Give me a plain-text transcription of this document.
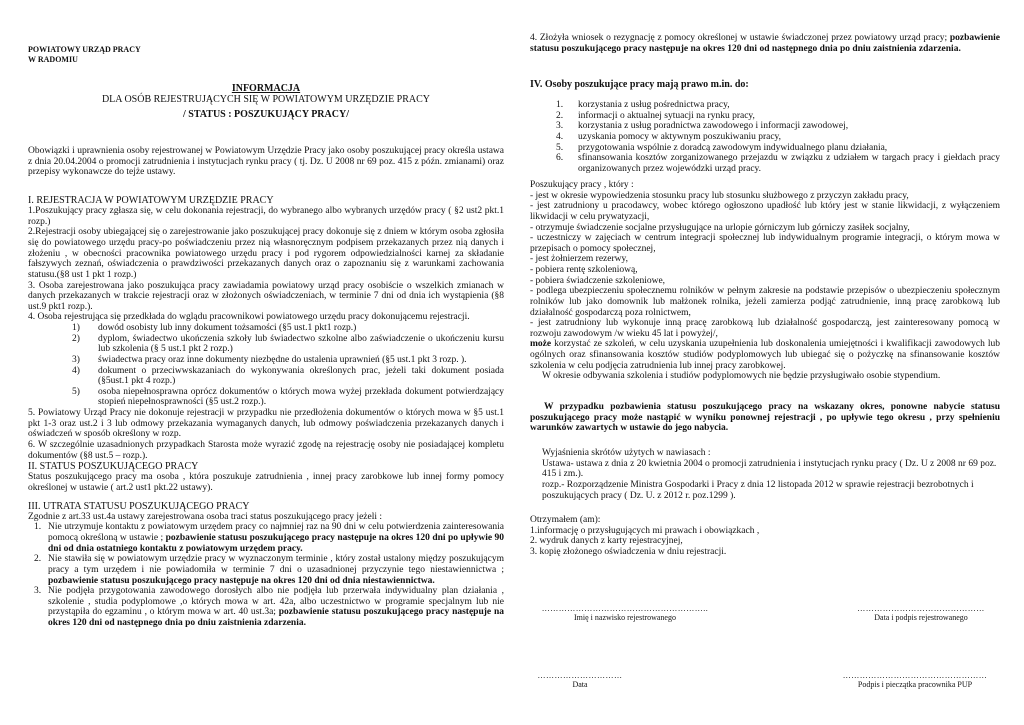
POWIATOWY URZĄD PRACY
W RADOMIU
INFORMACJA
DLA OSÓB REJESTRUJĄCYCH SIĘ W POWIATOWYM URZĘDZIE PRACY
/ STATUS : POSZUKUJĄCY PRACY/

Obowiązki i uprawnienia osoby rejestrowanej w Powiatowym Urzędzie Pracy jako osoby poszukującej pracy określa ustawa z dnia 20.04.2004 o promocji zatrudnienia i instytucjach rynku pracy ( tj. Dz. U 2008 nr 69 poz. 415 z późn. zmianami) oraz przepisy wykonawcze do tejże ustawy.

I. REJESTRACJA W POWIATOWYM URZĘDZIE PRACY

1.Poszukujący pracy zgłasza się, w celu dokonania rejestracji, do wybranego albo wybranych urzędów pracy ( §2 ust2 pkt.1 rozp.)

2.Rejestracji osoby ubiegającej się o zarejestrowanie jako poszukującej pracy dokonuje się z dniem w którym osoba zgłosiła się do powiatowego urzędu pracy-po poświadczeniu przez nią własnoręcznym podpisem przekazanych przez nią danych i złożeniu , w obecności pracownika powiatowego urzędu pracy i pod rygorem odpowiedzialności karnej za składanie fałszywych zeznań, oświadczenia o prawdziwości przekazanych danych oraz o zapoznaniu się z warunkami zachowania statusu.(§8 ust 1 pkt 1 rozp.)

3. Osoba zarejestrowana jako poszukująca pracy zawiadamia powiatowy urząd pracy osobiście o wszelkich zmianach w danych przekazanych w trakcie rejestracji oraz w złożonych oświadczeniach, w terminie 7 dni od dnia ich wystąpienia (§8 ust.9 pkt1 rozp.).

4. Osoba rejestrująca się przedkłada do wglądu pracownikowi powiatowego urzędu pracy dokonującemu rejestracji.

1)	dowód osobisty lub inny dokument tożsamości (§5 ust.1 pkt1 rozp.)
2)	dyplom, świadectwo ukończenia szkoły lub świadectwo szkolne albo zaświadczenie o ukończeniu kursu lub szkolenia (§ 5 ust.1 pkt 2 rozp.)
3)	świadectwa pracy oraz inne dokumenty niezbędne do ustalenia uprawnień (§5 ust.1 pkt 3 rozp. ).
4)	dokument o przeciwwskazaniach do wykonywania określonych prac, jeżeli taki dokument posiada (§5ust.1 pkt 4 rozp.)
5)	osoba niepełnosprawna oprócz dokumentów o których mowa wyżej przekłada dokument potwierdzający stopień niepełnosprawności (§5 ust.2 rozp.).

5. Powiatowy Urząd Pracy nie dokonuje rejestracji w przypadku nie przedłożenia dokumentów o których mowa w §5 ust.1 pkt 1-3 oraz ust.2 i 3 lub odmowy przekazania wymaganych danych, lub odmowy poświadczenia przekazanych danych i oświadczeń w sposób określony w rozp.

6. W szczególnie uzasadnionych przypadkach Starosta może wyrazić zgodę na rejestrację osoby nie posiadającej kompletu dokumentów (§8 ust.5 – rozp.).

II. STATUS POSZUKUJĄCEGO PRACY

Status poszukującego pracy ma osoba , która poszukuje zatrudnienia , innej pracy zarobkowe lub innej formy pomocy określonej w ustawie ( art.2 ust1 pkt.22 ustawy).

III. UTRATA STATUSU POSZUKUJĄCEGO PRACY

Zgodnie z art.33 ust.4a ustawy zarejestrowana osoba traci status poszukującego pracy jeżeli :

1. Nie utrzymuje kontaktu z powiatowym urzędem pracy co najmniej raz na 90 dni w celu potwierdzenia zainteresowania pomocą określoną w ustawie ; pozbawienie statusu poszukującego pracy następuje na okres 120 dni po upływie 90 dni od dnia ostatniego kontaktu z powiatowym urzędem pracy.
2. Nie stawiła się w powiatowym urzędzie pracy w wyznaczonym terminie , który został ustalony między poszukującym pracy a tym urzędem i nie powiadomiła w terminie 7 dni o uzasadnionej przyczynie tego niestawiennictwa ; pozbawienie statusu poszukującego pracy następuje na okres 120 dni od dnia niestawiennictwa.
3. Nie podjęła przygotowania zawodowego dorosłych albo nie podjęła lub przerwała indywidualny plan działania , szkolenie , studia podyplomowe ,o których mowa w art. 42a, albo uczestnictwo w programie specjalnym lub nie przystąpiła do egzaminu , o którym mowa w art. 40 ust.3a; pozbawienie statusu poszukującego pracy następuje na okres 120 dni od następnego dnia po dniu zaistnienia zdarzenia.

4. Złożyła wniosek o rezygnację z pomocy określonej w ustawie świadczonej przez powiatowy urząd pracy; pozbawienie statusu poszukującego pracy następuje na okres 120 dni od następnego dnia po dniu zaistnienia zdarzenia.

IV. Osoby poszukujące pracy mają prawo m.in. do:

1.	korzystania z usług pośrednictwa pracy,
2.	informacji o aktualnej sytuacji na rynku pracy,
3.	korzystania z usług poradnictwa zawodowego i informacji zawodowej,
4.	uzyskania pomocy w aktywnym poszukiwaniu pracy,
5.	przygotowania wspólnie z doradcą zawodowym indywidualnego planu działania,
6.	sfinansowania kosztów zorganizowanego przejazdu w związku z udziałem w targach pracy i giełdach pracy organizowanych przez wojewódzki urząd pracy.

Poszukujący pracy , który :

- jest w okresie wypowiedzenia stosunku pracy lub stosunku służbowego z przyczyn zakładu pracy,

- jest zatrudniony u pracodawcy, wobec którego ogłoszono upadłość lub który jest w stanie likwidacji, z wyłączeniem likwidacji w celu prywatyzacji,

- otrzymuje świadczenie socjalne przysługujące na urlopie górniczym lub górniczy zasiłek socjalny,

- uczestniczy w zajęciach w centrum integracji społecznej lub indywidualnym programie integracji, o którym mowa w przepisach o pomocy społecznej,

- jest żołnierzem rezerwy,

- pobiera rentę szkoleniową,

- pobiera świadczenie szkoleniowe,

- podlega ubezpieczeniu społecznemu rolników w pełnym zakresie na podstawie przepisów o ubezpieczeniu społecznym rolników lub jako domownik lub małżonek rolnika, jeżeli zamierza podjąć zatrudnienie, inną pracę zarobkową lub działalność gospodarczą poza rolnictwem,

- jest zatrudniony lub wykonuje inną pracę zarobkową lub działalność gospodarczą, jest zainteresowany pomocą w rozwoju zawodowym /w wieku 45 lat i powyżej/,

może korzystać ze szkoleń, w celu uzyskania uzupełnienia lub doskonalenia umiejętności i kwalifikacji zawodowych lub ogólnych oraz sfinansowania kosztów studiów podyplomowych lub ubiegać się o pożyczkę na sfinansowanie kosztów szkolenia w celu podjęcia zatrudnienia lub innej pracy zarobkowej.

W okresie odbywania szkolenia i studiów podyplomowych nie będzie przysługiwało osobie stypendium.

W przypadku pozbawienia statusu poszukującego pracy na wskazany okres, ponowne nabycie statusu poszukującego pracy może nastąpić w wyniku ponownej rejestracji , po upływie tego okresu , przy spełnieniu warunków zawartych w ustawie do jego nabycia.

Wyjaśnienia skrótów użytych w nawiasach :

Ustawa- ustawa z dnia z 20 kwietnia 2004 o promocji zatrudnienia i instytucjach rynku pracy ( Dz. U z 2008 nr 69 poz. 415 i zm.).

rozp.- Rozporządzenie Ministra Gospodarki i Pracy z dnia 12 listopada 2012 w sprawie rejestracji bezrobotnych i poszukujących pracy ( Dz. U. z 2012 r. poz.1299 ).

Otrzymałem (am):

1.informację o przysługujących mi prawach i obowiązkach ,

2. wydruk danych z karty rejestracyjnej,

3. kopię złożonego oświadczenia w dniu rejestracji.

…………………………………………………..
Imię i nazwisko rejestrowanego
………………………………………
Data i podpis rejestrowanego
…………………………
Data
……………………………………………
Podpis i pieczątka pracownika PUP
